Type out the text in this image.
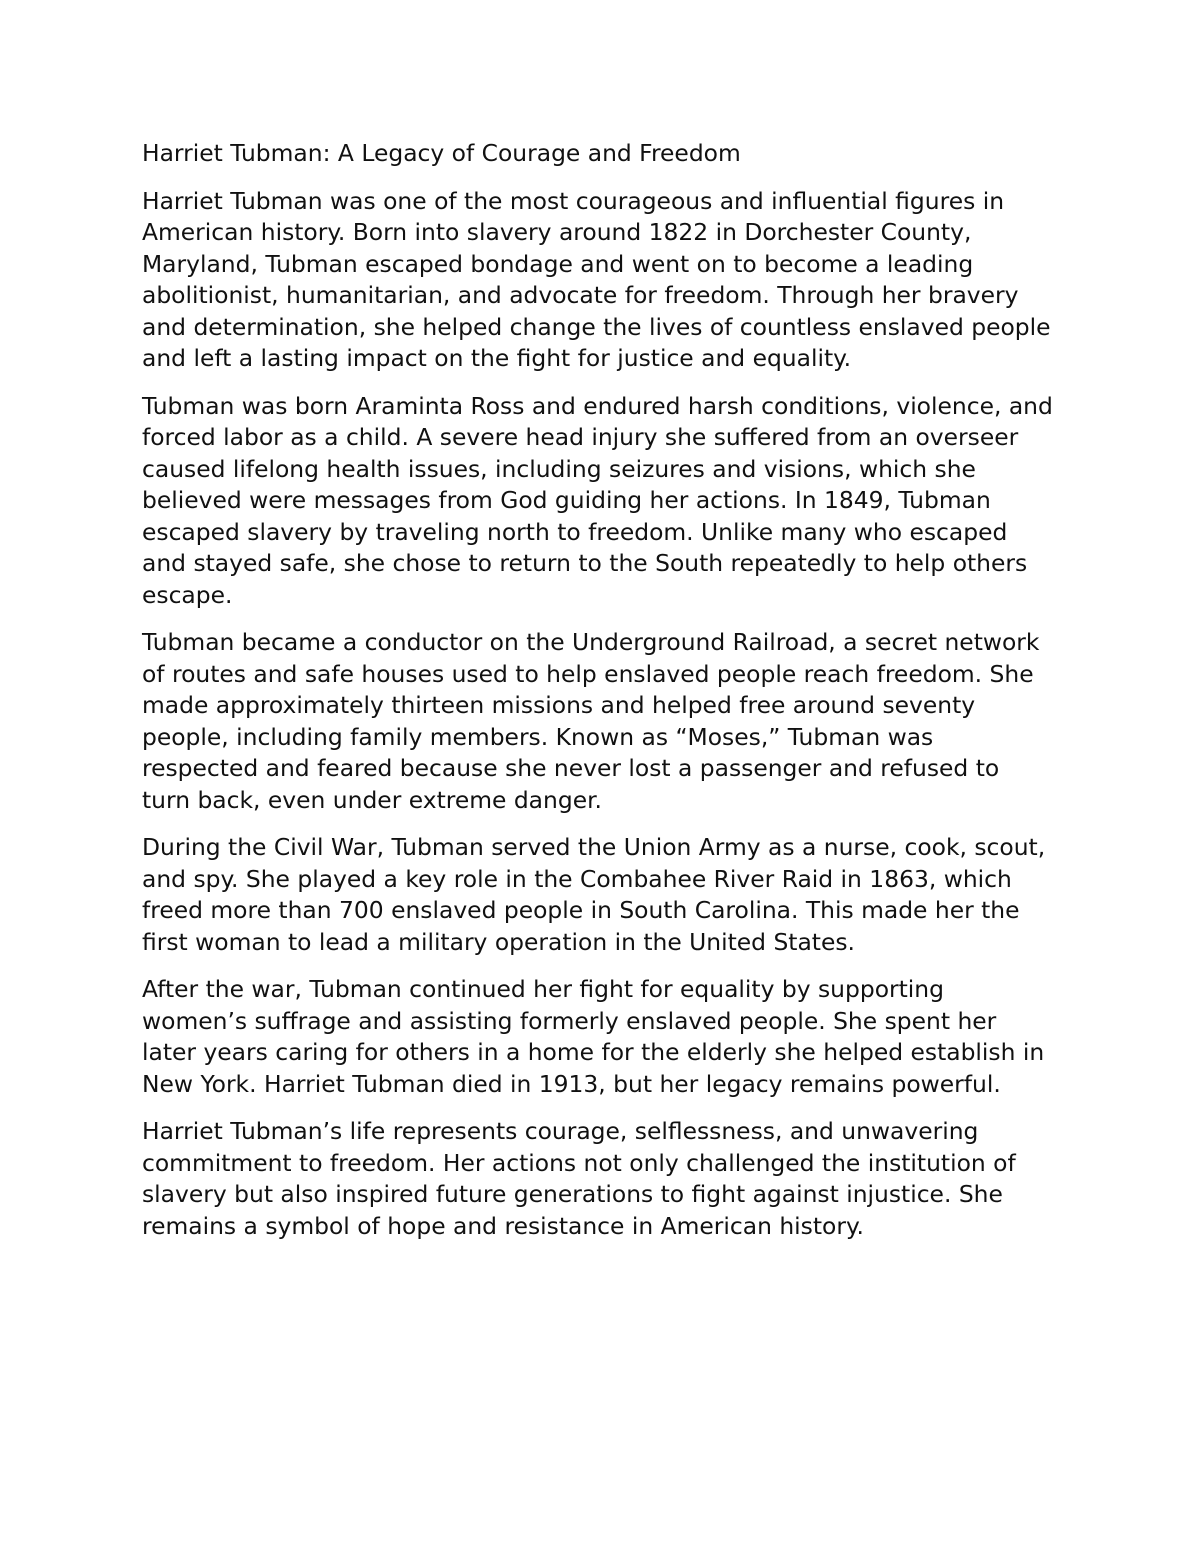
Harriet Tubman: A Legacy of Courage and Freedom
Harriet Tubman was one of the most courageous and influential figures in
American history. Born into slavery around 1822 in Dorchester County,
Maryland, Tubman escaped bondage and went on to become a leading
abolitionist, humanitarian, and advocate for freedom. Through her bravery
and determination, she helped change the lives of countless enslaved people
and left a lasting impact on the fight for justice and equality.
Tubman was born Araminta Ross and endured harsh conditions, violence, and
forced labor as a child. A severe head injury she suffered from an overseer
caused lifelong health issues, including seizures and visions, which she
believed were messages from God guiding her actions. In 1849, Tubman
escaped slavery by traveling north to freedom. Unlike many who escaped
and stayed safe, she chose to return to the South repeatedly to help others
escape.
Tubman became a conductor on the Underground Railroad, a secret network
of routes and safe houses used to help enslaved people reach freedom. She
made approximately thirteen missions and helped free around seventy
people, including family members. Known as “Moses,” Tubman was
respected and feared because she never lost a passenger and refused to
turn back, even under extreme danger.
During the Civil War, Tubman served the Union Army as a nurse, cook, scout,
and spy. She played a key role in the Combahee River Raid in 1863, which
freed more than 700 enslaved people in South Carolina. This made her the
first woman to lead a military operation in the United States.
After the war, Tubman continued her fight for equality by supporting
women’s suffrage and assisting formerly enslaved people. She spent her
later years caring for others in a home for the elderly she helped establish in
New York. Harriet Tubman died in 1913, but her legacy remains powerful.
Harriet Tubman’s life represents courage, selflessness, and unwavering
commitment to freedom. Her actions not only challenged the institution of
slavery but also inspired future generations to fight against injustice. She
remains a symbol of hope and resistance in American history.
